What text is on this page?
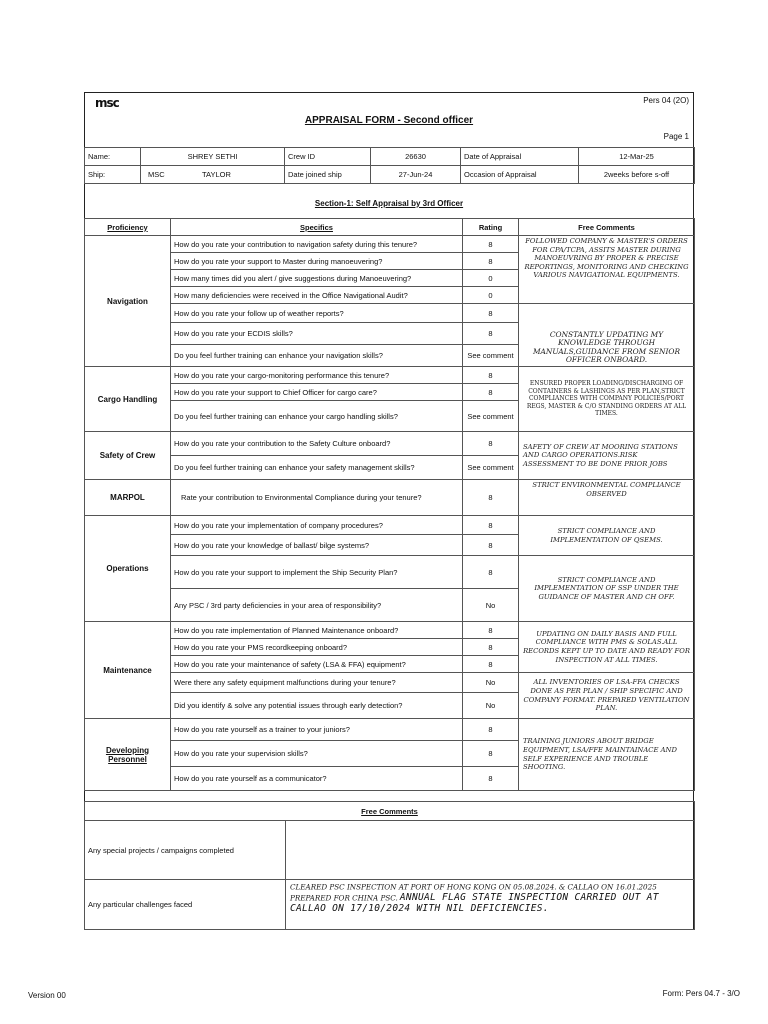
msc	Pers 04 (2O)
APPRAISAL FORM - Second officer
Page 1
Name:	SHREY SETHI	Crew ID	26630	Date of Appraisal	12-Mar-25
Ship:	MSC TAYLOR	Date joined ship	27-Jun-24	Occasion of Appraisal	2weeks before s-off
Section-1: Self Appraisal by 3rd Officer
Proficiency	Specifics	Rating	Free Comments
Navigation	How do you rate your contribution to navigation safety during this tenure?	8	FOLLOWED COMPANY & MASTER'S ORDERS FOR CPA/TCPA, ASSITS MASTER DURING MANOEUVRING BY PROPER & PRECISE REPORTINGS, MONITORING AND CHECKING VARIOUS NAVIGATIONAL EQUIPMENTS.
	How do you rate your support to Master during manoeuvering?	8	
	How many times did you alert / give suggestions during Manoeuvering?	0	
	How many deficiencies were received in the Office Navigational Audit?	0	
	How do you rate your follow up of weather reports?	8	CONSTANTLY UPDATING MY KNOWLEDGE THROUGH MANUALS,GUIDANCE FROM SENIOR OFFICER ONBOARD.
	How do you rate your ECDIS skills?	8	
	Do you feel further training can enhance your navigation skills?	See comment	
Cargo Handling	How do you rate your cargo-monitoring performance this tenure?	8	ENSURED PROPER LOADING/DISCHARGING OF CONTAINERS & LASHINGS AS PER PLAN,STRICT COMPLIANCES WITH COMPANY POLICIES/PORT REGS, MASTER & C/O STANDING ORDERS AT ALL TIMES.
	How do you rate your support to Chief Officer for cargo care?	8	
	Do you feel further training can enhance your cargo handling skills?	See comment	
Safety of Crew	How do you rate your contribution to the Safety Culture onboard?	8	SAFETY OF CREW AT MOORING STATIONS AND CARGO OPERATIONS.RISK ASSESSMENT TO BE DONE PRIOR JOBS
	Do you feel further training can enhance your safety management skills?	See comment	
MARPOL	Rate your contribution to Environmental Compliance during your tenure?	8	STRICT ENVIRONMENTAL COMPLIANCE OBSERVED
Operations	How do you rate your implementation of company procedures?	8	STRICT COMPLIANCE AND IMPLEMENTATION OF QSEMS.
	How do you rate your knowledge of ballast/ bilge systems?	8	
	How do you rate your support to implement the Ship Security Plan?	8	STRICT COMPLIANCE AND IMPLEMENTATION OF SSP UNDER THE GUIDANCE OF MASTER AND CH OFF.
	Any PSC / 3rd party deficiencies in your area of responsibility?	No	
Maintenance	How do you rate implementation of Planned Maintenance onboard?	8	UPDATING ON DAILY BASIS AND FULL COMPLIANCE WITH PMS & SOLAS.ALL RECORDS KEPT UP TO DATE AND READY FOR INSPECTION AT ALL TIMES.
	How do you rate your PMS recordkeeping onboard?	8	
	How do you rate your maintenance of safety (LSA & FFA) equipment?	8	
	Were there any safety equipment malfunctions during your tenure?	No	ALL INVENTORIES OF LSA-FFA CHECKS DONE AS PER PLAN / SHIP SPECIFIC AND COMPANY FORMAT. PREPARED VENTILATION PLAN.
	Did you identify & solve any potential issues through early detection?	No	
Developing
Personnel	How do you rate yourself as a trainer to your juniors?	8	TRAINING JUNIORS ABOUT BRIDGE EQUIPMENT, LSA/FFE MAINTAINACE AND SELF EXPERIENCE AND TROUBLE SHOOTING.
	How do you rate your supervision skills?	8	
	How do you rate yourself as a communicator?	8	
Free Comments	
Any special projects / campaigns completed	
Any particular challenges faced	CLEARED PSC INSPECTION AT PORT OF HONG KONG ON 05.08.2024. & CALLAO ON 16.01.2025 PREPARED FOR CHINA PSC. ANNUAL FLAG STATE INSPECTION CARRIED OUT AT CALLAO ON 17/10/2024 WITH NIL DEFICIENCIES.
Version 00	Form: Pers 04.7 - 3/O
